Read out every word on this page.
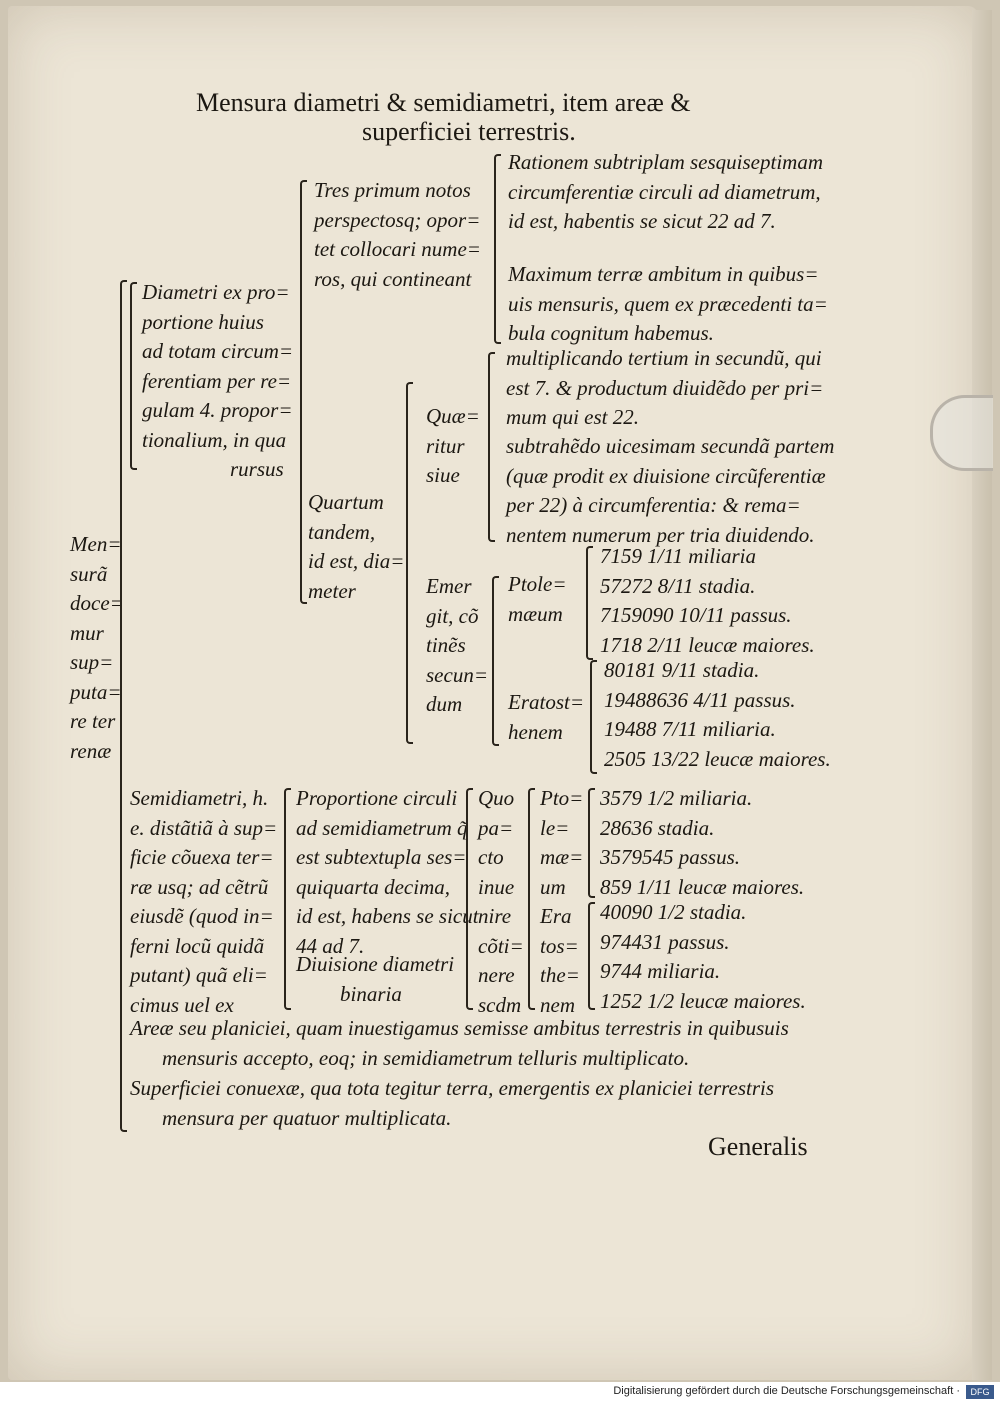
Mensura diametri & semidiametri, item areæ &
superficiei terrestris.
Men=
surã
doce=
mur
sup=
puta=
re ter
renæ
Diametri ex pro=
portione huius
ad totam circum=
ferentiam per re=
gulam 4. propor=
tionalium, in qua
rursus
Tres primum notos
perspectosq; opor=
tet collocari nume=
ros, qui contineant
Rationem subtriplam sesquiseptimam
circumferentiæ circuli ad diametrum,
id est, habentis se sicut 22 ad 7.
Maximum terræ ambitum in quibus=
uis mensuris, quem ex præcedenti ta=
bula cognitum habemus.
Quartum
tandem,
id est, dia=
meter
Quæ=
ritur
siue
multiplicando tertium in secundũ, qui
est 7. & productum diuidẽdo per pri=
mum qui est 22.
subtrahẽdo uicesimam secundã partem
(quæ prodit ex diuisione circũferentiæ
per 22) à circumferentia: & rema=
nentem numerum per tria diuidendo.
Emer
git, cõ
tinẽs
secun=
dum
Ptole=
mæum
7159 1/11 miliaria
57272 8/11 stadia.
7159090 10/11 passus.
1718 2/11 leucæ maiores.
Eratost=
henem
80181 9/11 stadia.
19488636 4/11 passus.
19488 7/11 miliaria.
2505 13/22 leucæ maiores.
Semidiametri, h.
e. distãtiã à sup=
ficie cõuexa ter=
ræ usq; ad cẽtrũ
eiusdẽ (quod in=
ferni locũ quidã
putant) quã eli=
cimus uel ex
Proportione circuli
ad semidiametrum q̃
est subtextupla ses=
quiquarta decima,
id est, habens se sicut
44 ad 7.
Diuisione diametri
binaria
Quo
pa=
cto
inue
nire
cõti=
nere
scdm
Pto=
le=
mæ=
um
3579 1/2 miliaria.
28636 stadia.
3579545 passus.
859 1/11 leucæ maiores.
Era
tos=
the=
nem
40090 1/2 stadia.
974431 passus.
9744 miliaria.
1252 1/2 leucæ maiores.
Areæ seu planiciei, quam inuestigamus semisse ambitus terrestris in quibusuis
mensuris accepto, eoq; in semidiametrum telluris multiplicato.
Superficiei conuexæ, qua tota tegitur terra, emergentis ex planiciei terrestris
mensura per quatuor multiplicata.
Generalis
Digitalisierung gefördert durch die Deutsche Forschungsgemeinschaft ·	DFG
